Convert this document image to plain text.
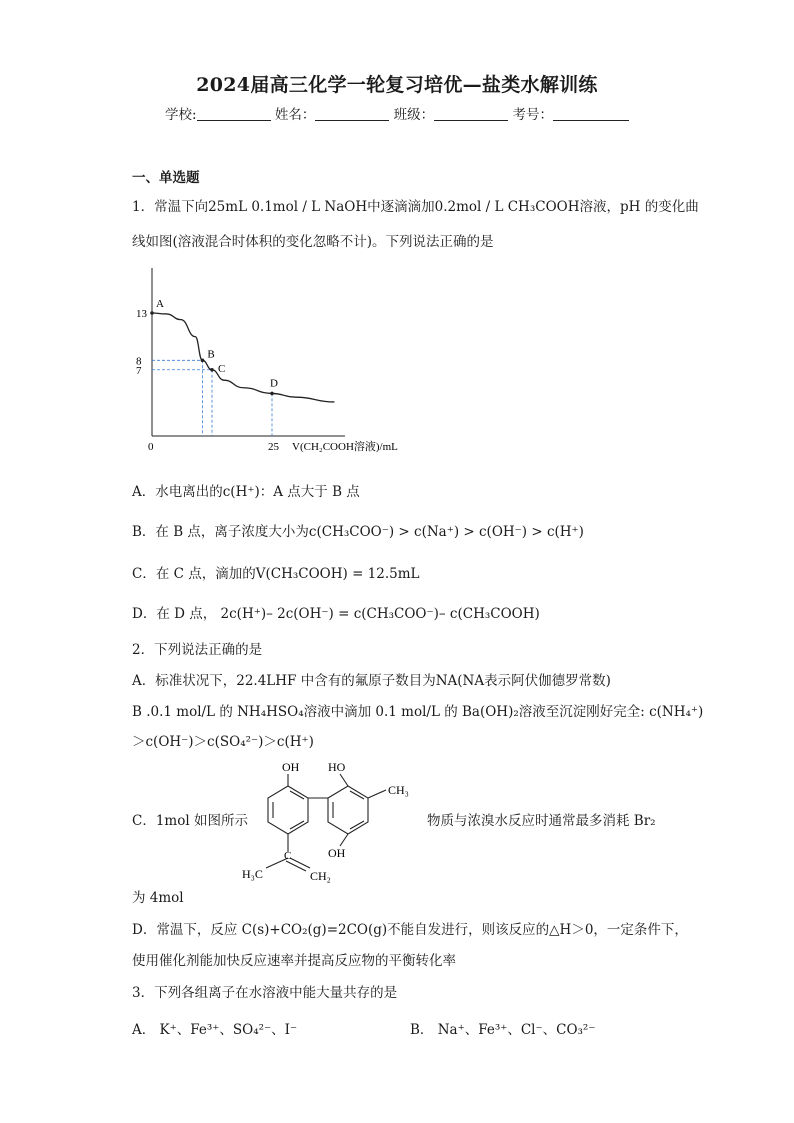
2024届高三化学一轮复习培优—盐类水解训练
学校:	姓名：	班级：	考号：
一、单选题
1．常温下向25mL 0.1mol / L NaOH中逐滴滴加0.2mol / L CH₃COOH溶液，pH 的变化曲
线如图(溶液混合时体积的变化忽略不计)。下列说法正确的是
A
B
C
D
13
8
7
0	25 V(CH₂COOH溶液)/mL
A．水电离出的c(H⁺)：A 点大于 B 点
B．在 B 点，离子浓度大小为c(CH₃COO⁻) > c(Na⁺) > c(OH⁻) > c(H⁺)
C．在 C 点，滴加的V(CH₃COOH) = 12.5mL
D．在 D 点， 2c(H⁺)– 2c(OH⁻) = c(CH₃COO⁻)– c(CH₃COOH)
2．下列说法正确的是
A．标准状况下，22.4LHF 中含有的氟原子数目为NA(NA表示阿伏伽德罗常数)
B .0.1 mol/L 的 NH₄HSO₄溶液中滴加 0.1 mol/L 的 Ba(OH)₂溶液至沉淀刚好完全: c(NH₄⁺)
＞c(OH⁻)＞c(SO₄²⁻)＞c(H⁺)
C．1mol 如图所示
OH HO
CH₃
OH
C
H₃C	CH₂
物质与浓溴水反应时通常最多消耗 Br₂
为 4mol
D．常温下，反应 C(s)+CO₂(g)=2CO(g)不能自发进行，则该反应的△H＞0，一定条件下，
使用催化剂能加快反应速率并提高反应物的平衡转化率
3．下列各组离子在水溶液中能大量共存的是
A． K⁺、Fe³⁺、SO₄²⁻、I⁻	B． Na⁺、Fe³⁺、Cl⁻、CO₃²⁻
